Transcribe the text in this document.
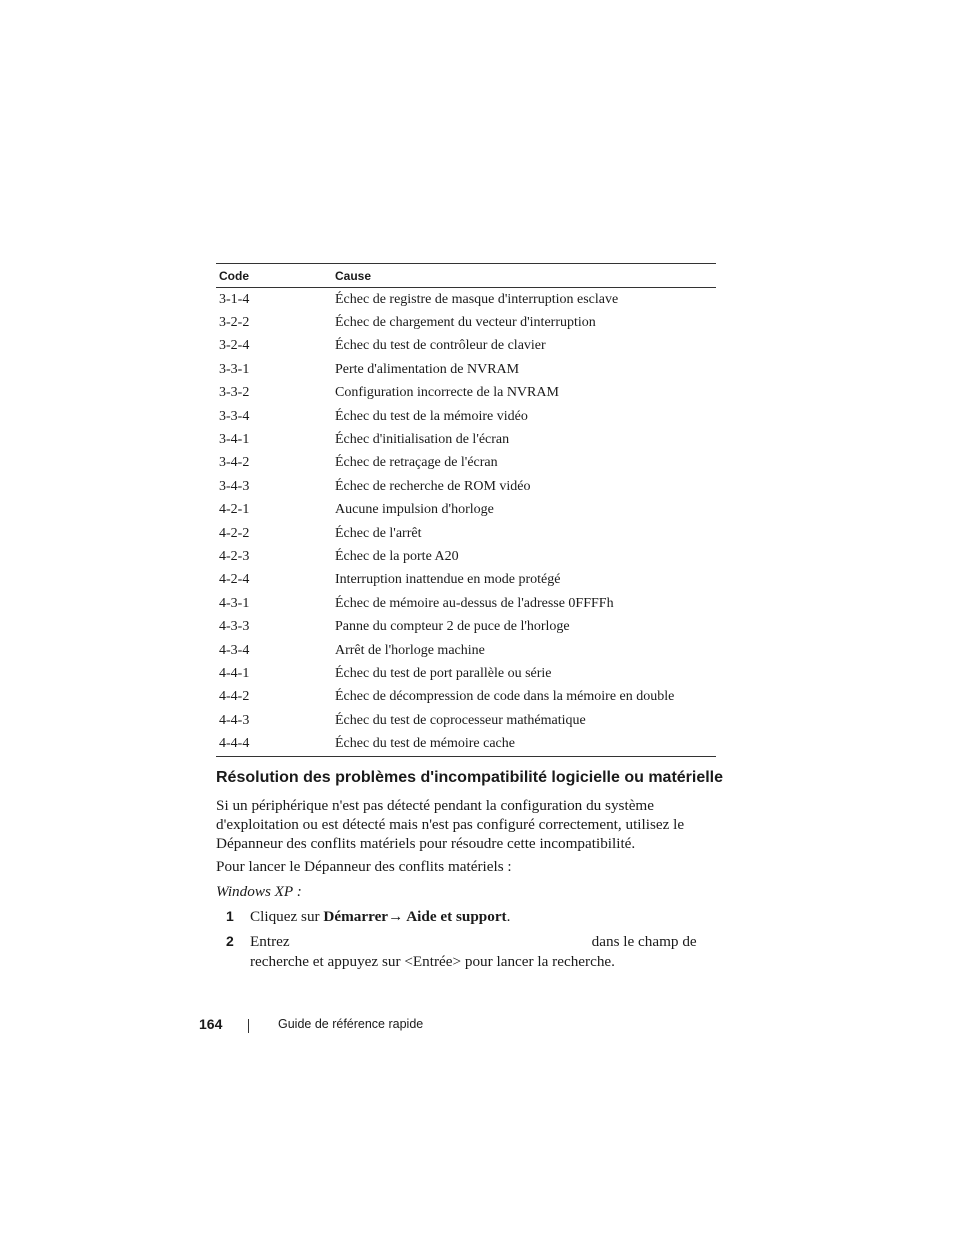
Code	Cause
3-1-4	Échec de registre de masque d'interruption esclave
3-2-2	Échec de chargement du vecteur d'interruption
3-2-4	Échec du test de contrôleur de clavier
3-3-1	Perte d'alimentation de NVRAM
3-3-2	Configuration incorrecte de la NVRAM
3-3-4	Échec du test de la mémoire vidéo
3-4-1	Échec d'initialisation de l'écran
3-4-2	Échec de retraçage de l'écran
3-4-3	Échec de recherche de ROM vidéo
4-2-1	Aucune impulsion d'horloge
4-2-2	Échec de l'arrêt
4-2-3	Échec de la porte A20
4-2-4	Interruption inattendue en mode protégé
4-3-1	Échec de mémoire au-dessus de l'adresse 0FFFFh
4-3-3	Panne du compteur 2 de puce de l'horloge
4-3-4	Arrêt de l'horloge machine
4-4-1	Échec du test de port parallèle ou série
4-4-2	Échec de décompression de code dans la mémoire en double
4-4-3	Échec du test de coprocesseur mathématique
4-4-4	Échec du test de mémoire cache
Résolution des problèmes d'incompatibilité logicielle ou matérielle

Si un périphérique n'est pas détecté pendant la configuration du système d'exploitation ou est détecté mais n'est pas configuré correctement, utilisez le Dépanneur des conflits matériels pour résoudre cette incompatibilité.

Pour lancer le Dépanneur des conflits matériels :

Windows XP :

1 Cliquez sur Démarrer→ Aide et support.
2 Entrez	dans le champ de recherche et appuyez sur <Entrée> pour lancer la recherche.
164	Guide de référence rapide
